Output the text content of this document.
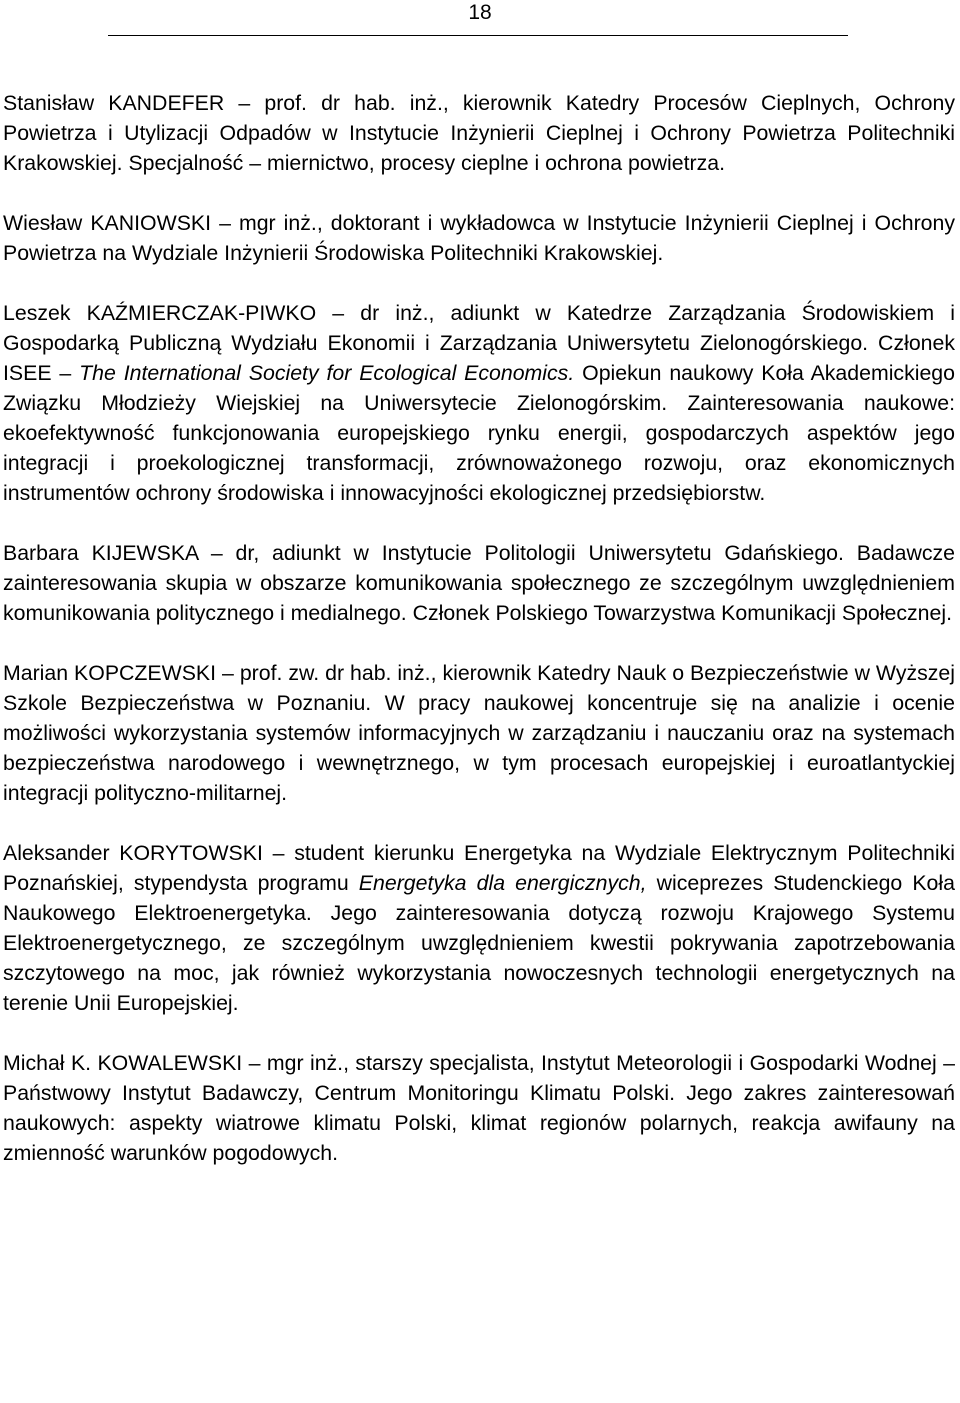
18

Stanisław KANDEFER – prof. dr hab. inż., kierownik Katedry Procesów Cieplnych, Ochrony Powietrza i Utylizacji Odpadów w Instytucie Inżynierii Cieplnej i Ochrony Powietrza Politechniki Krakowskiej. Specjalność – miernictwo, procesy cieplne i ochrona powietrza.

Wiesław KANIOWSKI – mgr inż., doktorant i wykładowca w Instytucie Inżynierii Cieplnej i Ochrony Powietrza na Wydziale Inżynierii Środowiska Politechniki Krakowskiej.

Leszek KAŹMIERCZAK-PIWKO – dr inż., adiunkt w Katedrze Zarządzania Środowiskiem i Gospodarką Publiczną Wydziału Ekonomii i Zarządzania Uniwersytetu Zielonogórskiego. Członek ISEE – The International Society for Ecological Economics. Opiekun naukowy Koła Akademickiego Związku Młodzieży Wiejskiej na Uniwersytecie Zielonogórskim. Zainteresowania naukowe: ekoefektywność funkcjonowania europejskiego rynku energii, gospodarczych aspektów jego integracji i proekologicznej transformacji, zrównoważonego rozwoju, oraz ekonomicznych instrumentów ochrony środowiska i innowacyjności ekologicznej przedsiębiorstw.

Barbara KIJEWSKA – dr, adiunkt w Instytucie Politologii Uniwersytetu Gdańskiego. Badawcze zainteresowania skupia w obszarze komunikowania społecznego ze szczególnym uwzględnieniem komunikowania politycznego i medialnego. Członek Polskiego Towarzystwa Komunikacji Społecznej.

Marian KOPCZEWSKI – prof. zw. dr hab. inż., kierownik Katedry Nauk o Bezpieczeństwie w Wyższej Szkole Bezpieczeństwa w Poznaniu. W pracy naukowej koncentruje się na analizie i ocenie możliwości wykorzystania systemów informacyjnych w zarządzaniu i nauczaniu oraz na systemach bezpieczeństwa narodowego i wewnętrznego, w tym procesach europejskiej i euroatlantyckiej integracji polityczno-militarnej.

Aleksander KORYTOWSKI – student kierunku Energetyka na Wydziale Elektrycznym Politechniki Poznańskiej, stypendysta programu Energetyka dla energicznych, wiceprezes Studenckiego Koła Naukowego Elektroenergetyka. Jego zainteresowania dotyczą rozwoju Krajowego Systemu Elektroenergetycznego, ze szczególnym uwzględnieniem kwestii pokrywania zapotrzebowania szczytowego na moc, jak również wykorzystania nowoczesnych technologii energetycznych na terenie Unii Europejskiej.

Michał K. KOWALEWSKI – mgr inż., starszy specjalista, Instytut Meteorologii i Gospodarki Wodnej – Państwowy Instytut Badawczy, Centrum Monitoringu Klimatu Polski. Jego zakres zainteresowań naukowych: aspekty wiatrowe klimatu Polski, klimat regionów polarnych, reakcja awifauny na zmienność warunków pogodowych.
